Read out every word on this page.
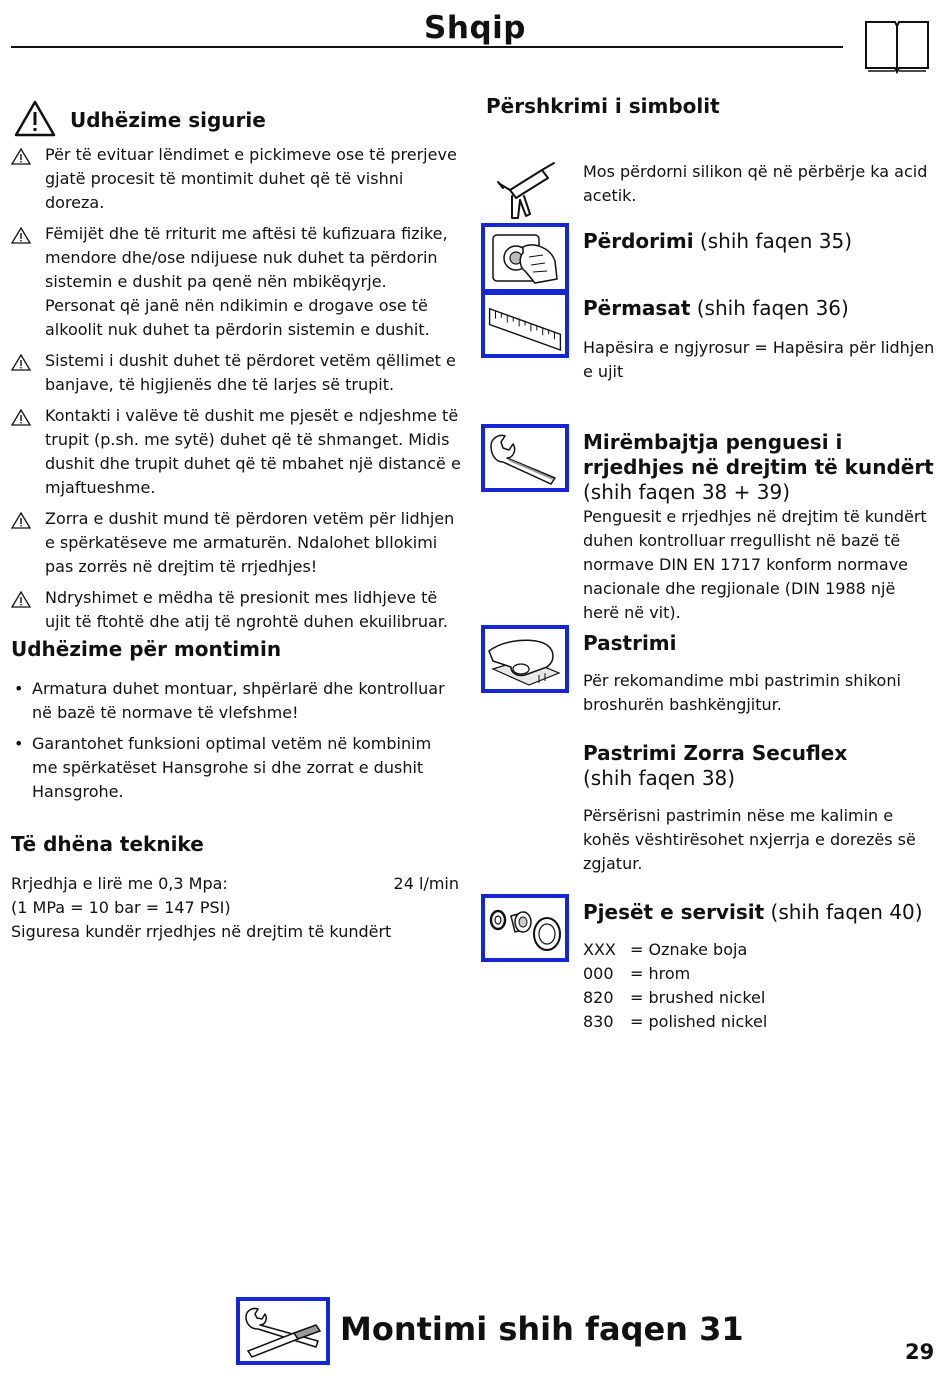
Shqip
Udhëzime sigurie
Për të evituar lëndimet e pickimeve ose të prerjeve gjatë procesit të montimit duhet që të vishni doreza.
Fëmijët dhe të rriturit me aftësi të kufizuara fizike, mendore dhe/ose ndijuese nuk duhet ta përdorin sistemin e dushit pa qenë nën mbikëqyrje. Personat që janë nën ndikimin e drogave ose të alkoolit nuk duhet ta përdorin sistemin e dushit.
Sistemi i dushit duhet të përdoret vetëm qëllimet e banjave, të higjienës dhe të larjes së trupit.
Kontakti i valëve të dushit me pjesët e ndjeshme të trupit (p.sh. me sytë) duhet që të shmanget. Midis dushit dhe trupit duhet që të mbahet një distancë e mjaftueshme.
Zorra e dushit mund të përdoren vetëm për lidhjen e spërkatëseve me armaturën. Ndalohet bllokimi pas zorrës në drejtim të rrjedhjes!
Ndryshimet e mëdha të presionit mes lidhjeve të ujit të ftohtë dhe atij të ngrohtë duhen ekuilibruar.
Udhëzime për montimin
• Armatura duhet montuar, shpërlarë dhe kontrolluar në bazë të normave të vlefshme!
• Garantohet funksioni optimal vetëm në kombinim me spërkatëset Hansgrohe si dhe zorrat e dushit Hansgrohe.
Të dhëna teknike
Rrjedhja e lirë me 0,3 Mpa:	24 l/min
(1 MPa = 10 bar = 147 PSI)
Siguresa kundër rrjedhjes në drejtim të kundërt
Përshkrimi i simbolit
Mos përdorni silikon që në përbërje ka acid acetik.
Përdorimi (shih faqen 35)
Përmasat (shih faqen 36)
Hapësira e ngjyrosur = Hapësira për lidhjen e ujit
Mirëmbajtja penguesi i
rrjedhjes në drejtim të kundërt
(shih faqen 38 + 39)
Penguesit e rrjedhjes në drejtim të kundërt duhen kontrolluar rregullisht në bazë të normave DIN EN 1717 konform normave nacionale dhe regjionale (DIN 1988 një herë në vit).
Pastrimi
Për rekomandime mbi pastrimin shikoni broshurën bashkëngjitur.
Pastrimi Zorra Secuflex
(shih faqen 38)
Përsërisni pastrimin nëse me kalimin e kohës vështirësohet nxjerrja e dorezës së zgjatur.
Pjesët e servisit (shih faqen 40)
XXX = Oznake boja
000 = hrom
820 = brushed nickel
830 = polished nickel
Montimi shih faqen 31
29
